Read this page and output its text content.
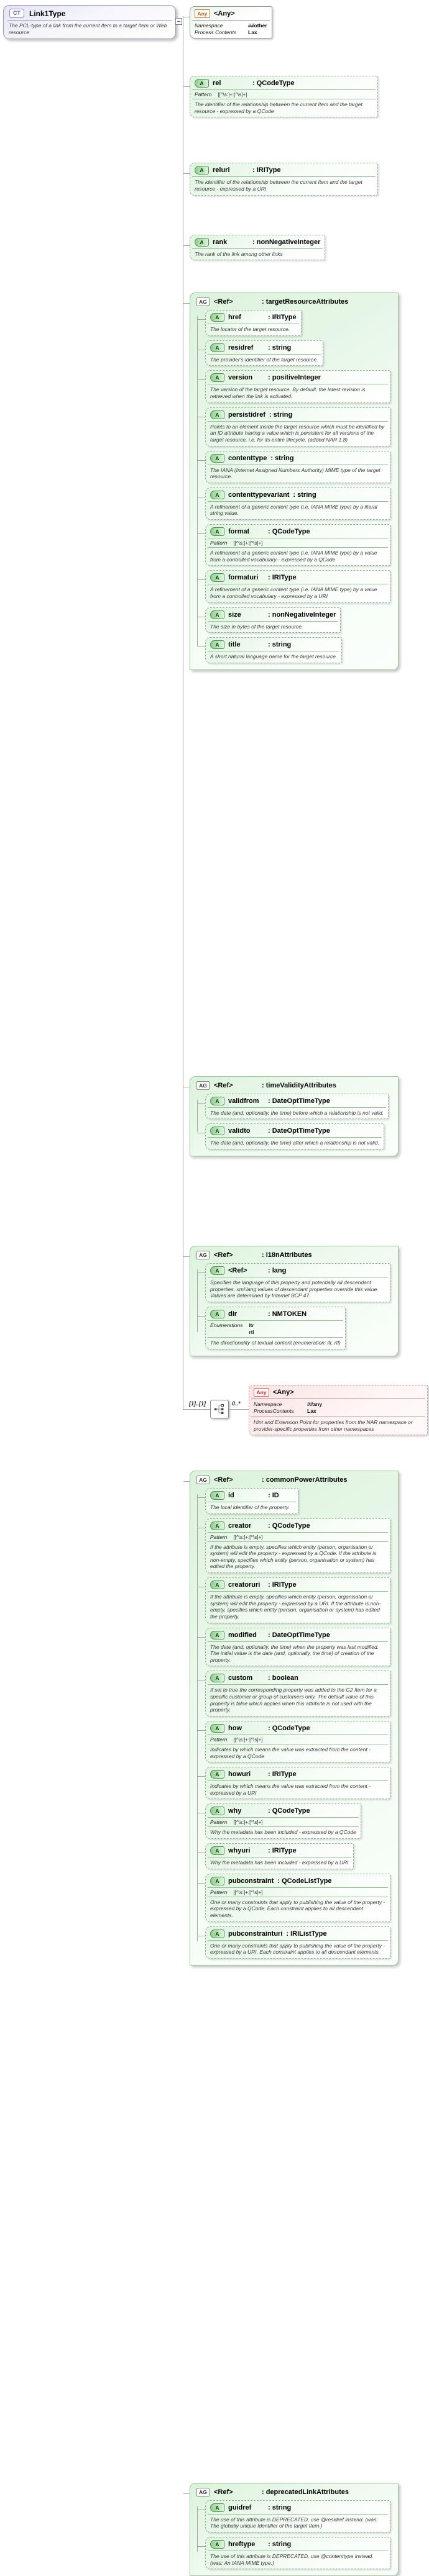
CT	Link1Type
The PCL-type of a link from the current Item to a target Item or Web resource
Any <Any>
Namespace	##other
Process Contents	Lax
A	rel	: QCodeType
Pattern [[^\s:]+:[^\s]+]
The identifier of the relationship between the current Item and the target resource - expressed by a QCode
A	reluri	: IRIType
The identifier of the relationship between the current Item and the target resource - expressed by a URI
A	rank	: nonNegativeInteger
The rank of the link among other links
AG	<Ref>	: targetResourceAttributes
A	href	: IRIType
The locator of the target resource.
A	residref	: string
The provider's identifier of the target resource.
A	version	: positiveInteger
The version of the target resource. By default, the latest revision is retrieved when the link is activated.
A	persistidref : string
Points to an element inside the target resource which must be identified by an ID attribute having a value which is persistent for all versions of the target resource, i.e. for its entire lifecycle. (added NAR 1.8)
A	contenttype : string
The IANA (Internet Assigned Numbers Authority) MIME type of the target resource.
A	contenttypevariant : string
A refinement of a generic content type (i.e. IANA MIME type) by a literal string value.
A	format	: QCodeType
Pattern [[^\s:]+:[^\s]+]
A refinement of a generic content type (i.e. IANA MIME type) by a value from a controlled vocabulary - expressed by a QCode
A	formaturi	: IRIType
A refinement of a generic content type (i.e. IANA MIME type) by a value from a controlled vocabulary - expressed by a URI
A	size	: nonNegativeInteger
The size in bytes of the target resource.
A	title	: string
A short natural language name for the target resource.
AG	<Ref>	: timeValidityAttributes
A	validfrom	: DateOptTimeType
The date (and, optionally, the time) before which a relationship is not valid.
A	validto	: DateOptTimeType
The date (and, optionally, the time) after which a relationship is not valid.
AG	<Ref>	: i18nAttributes
A	<Ref>	: lang
Specifies the language of this property and potentially all descendant properties. xml:lang values of descendant properties override this value. Values are determined by Internet BCP 47.
A	dir	: NMTOKEN
Enumerations ltr
rtl
The directionality of textual content (enumeration: ltr, rtl)
AG	<Ref>	: commonPowerAttributes
A	id	: ID
The local identifier of the property.
A	creator	: QCodeType
Pattern [[^\s:]+:[^\s]+]
If the attribute is empty, specifies which entity (person, organisation or system) will edit the property - expressed by a QCode. If the attribute is non-empty, specifies which entity (person, organisation or system) has edited the property.
A	creatoruri	: IRIType
If the attribute is empty, specifies which entity (person, organisation or system) will edit the property - expressed by a URI. If the attribute is non-empty, specifies which entity (person, organisation or system) has edited the property.
A	modified	: DateOptTimeType
The date (and, optionally, the time) when the property was last modified. The initial value is the date (and, optionally, the time) of creation of the property.
A	custom	: boolean
If set to true the corresponding property was added to the G2 Item for a specific customer or group of customers only. The default value of this property is false which applies when this attribute is not used with the property.
A	how	: QCodeType
Pattern [[^\s:]+:[^\s]+]
Indicates by which means the value was extracted from the content - expressed by a QCode
A	howuri	: IRIType
Indicates by which means the value was extracted from the content - expressed by a URI
A	why	: QCodeType
Pattern [[^\s:]+:[^\s]+]
Why the metadata has been included - expressed by a QCode
A	whyuri	: IRIType
Why the metadata has been included - expressed by a URI
A	pubconstraint : QCodeListType
Pattern [[^\s:]+:[^\s]+]
One or many constraints that apply to publishing the value of the property - expressed by a QCode. Each constraint applies to all descendant elements.
A	pubconstrainturi : IRIListType
One or many constraints that apply to publishing the value of the property - expressed by a URI. Each constraint applies to all descendant elements.
AG	<Ref>	: deprecatedLinkAttributes
A	guidref	: string
The use of this attribute is DEPRECATED, use @residref instead. (was: The globally unique Identifier of the target Item.)
A	hreftype	: string
The use of this attribute is DEPRECATED, use @contenttype instead. (was: An IANA MIME type.)
[1]..[1]	0..*
Any <Any>
Namespace	##any
ProcessContents	Lax
Hint and Extension Point for properties from the NAR namespace or provider-specific properties from other namespaces
